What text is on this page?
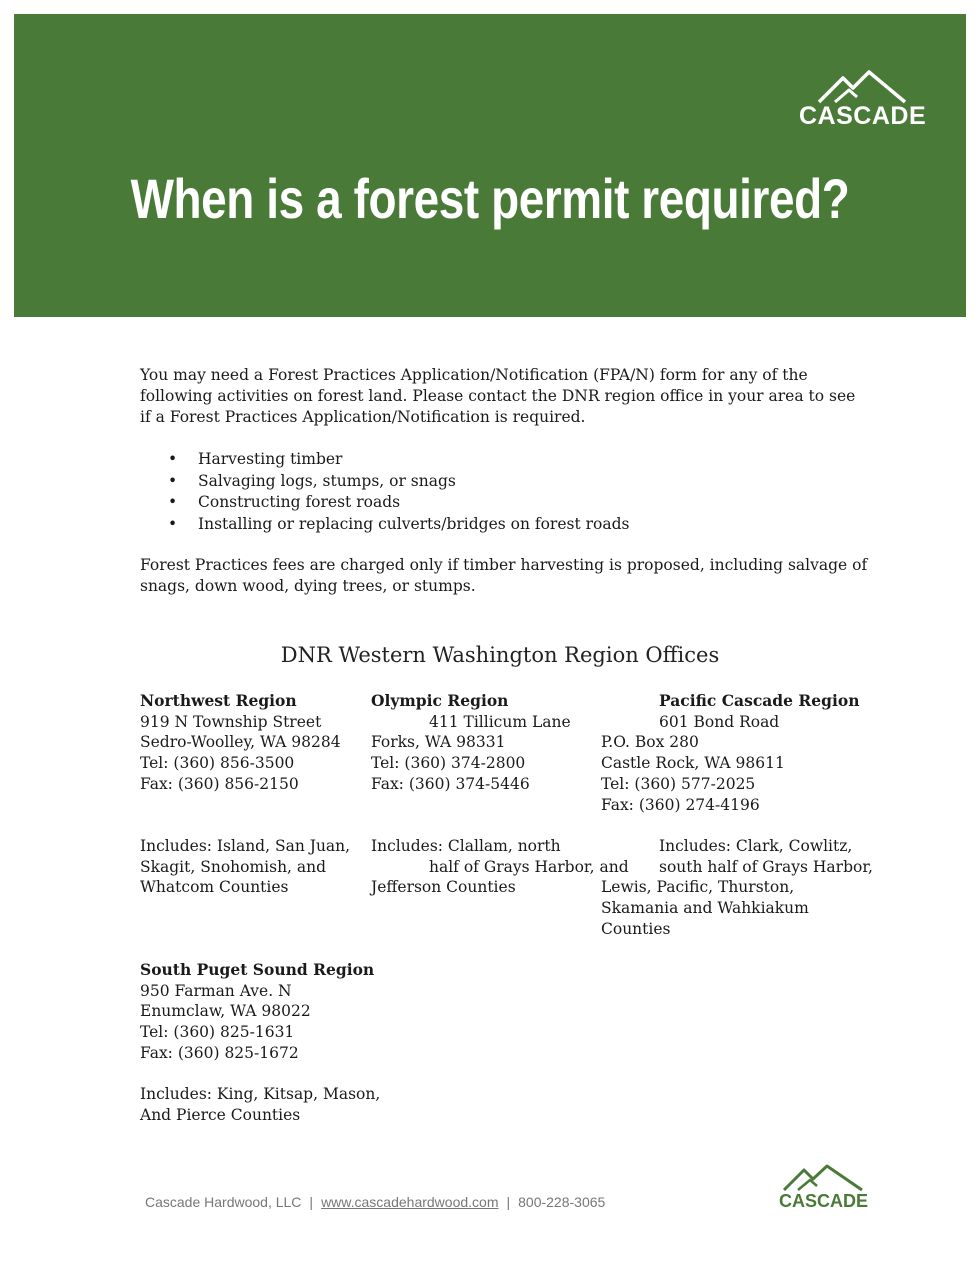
CASCADE
When is a forest permit required?
You may need a Forest Practices Application/Notification (FPA/N) form for any of the following activities on forest land. Please contact the DNR region office in your area to see if a Forest Practices Application/Notification is required.
• Harvesting timber
• Salvaging logs, stumps, or snags
• Constructing forest roads
• Installing or replacing culverts/bridges on forest roads
Forest Practices fees are charged only if timber harvesting is proposed, including salvage of snags, down wood, dying trees, or stumps.
DNR Western Washington Region Offices
Northwest Region
919 N Township Street
Sedro-Woolley, WA 98284
Tel: (360) 856-3500
Fax: (360) 856-2150
Includes: Island, San Juan,
Skagit, Snohomish, and
Whatcom Counties
Olympic Region
411 Tillicum Lane
Forks, WA 98331
Tel: (360) 374-2800
Fax: (360) 374-5446
Includes: Clallam, north
half of Grays Harbor, and
Jefferson Counties
Pacific Cascade Region
601 Bond Road
P.O. Box 280
Castle Rock, WA 98611
Tel: (360) 577-2025
Fax: (360) 274-4196
Includes: Clark, Cowlitz,
south half of Grays Harbor,
Lewis, Pacific, Thurston,
Skamania and Wahkiakum
Counties
South Puget Sound Region
950 Farman Ave. N
Enumclaw, WA 98022
Tel: (360) 825-1631
Fax: (360) 825-1672
Includes: King, Kitsap, Mason,
And Pierce Counties
Cascade Hardwood, LLC | www.cascadehardwood.com | 800-228-3065	CASCADE
